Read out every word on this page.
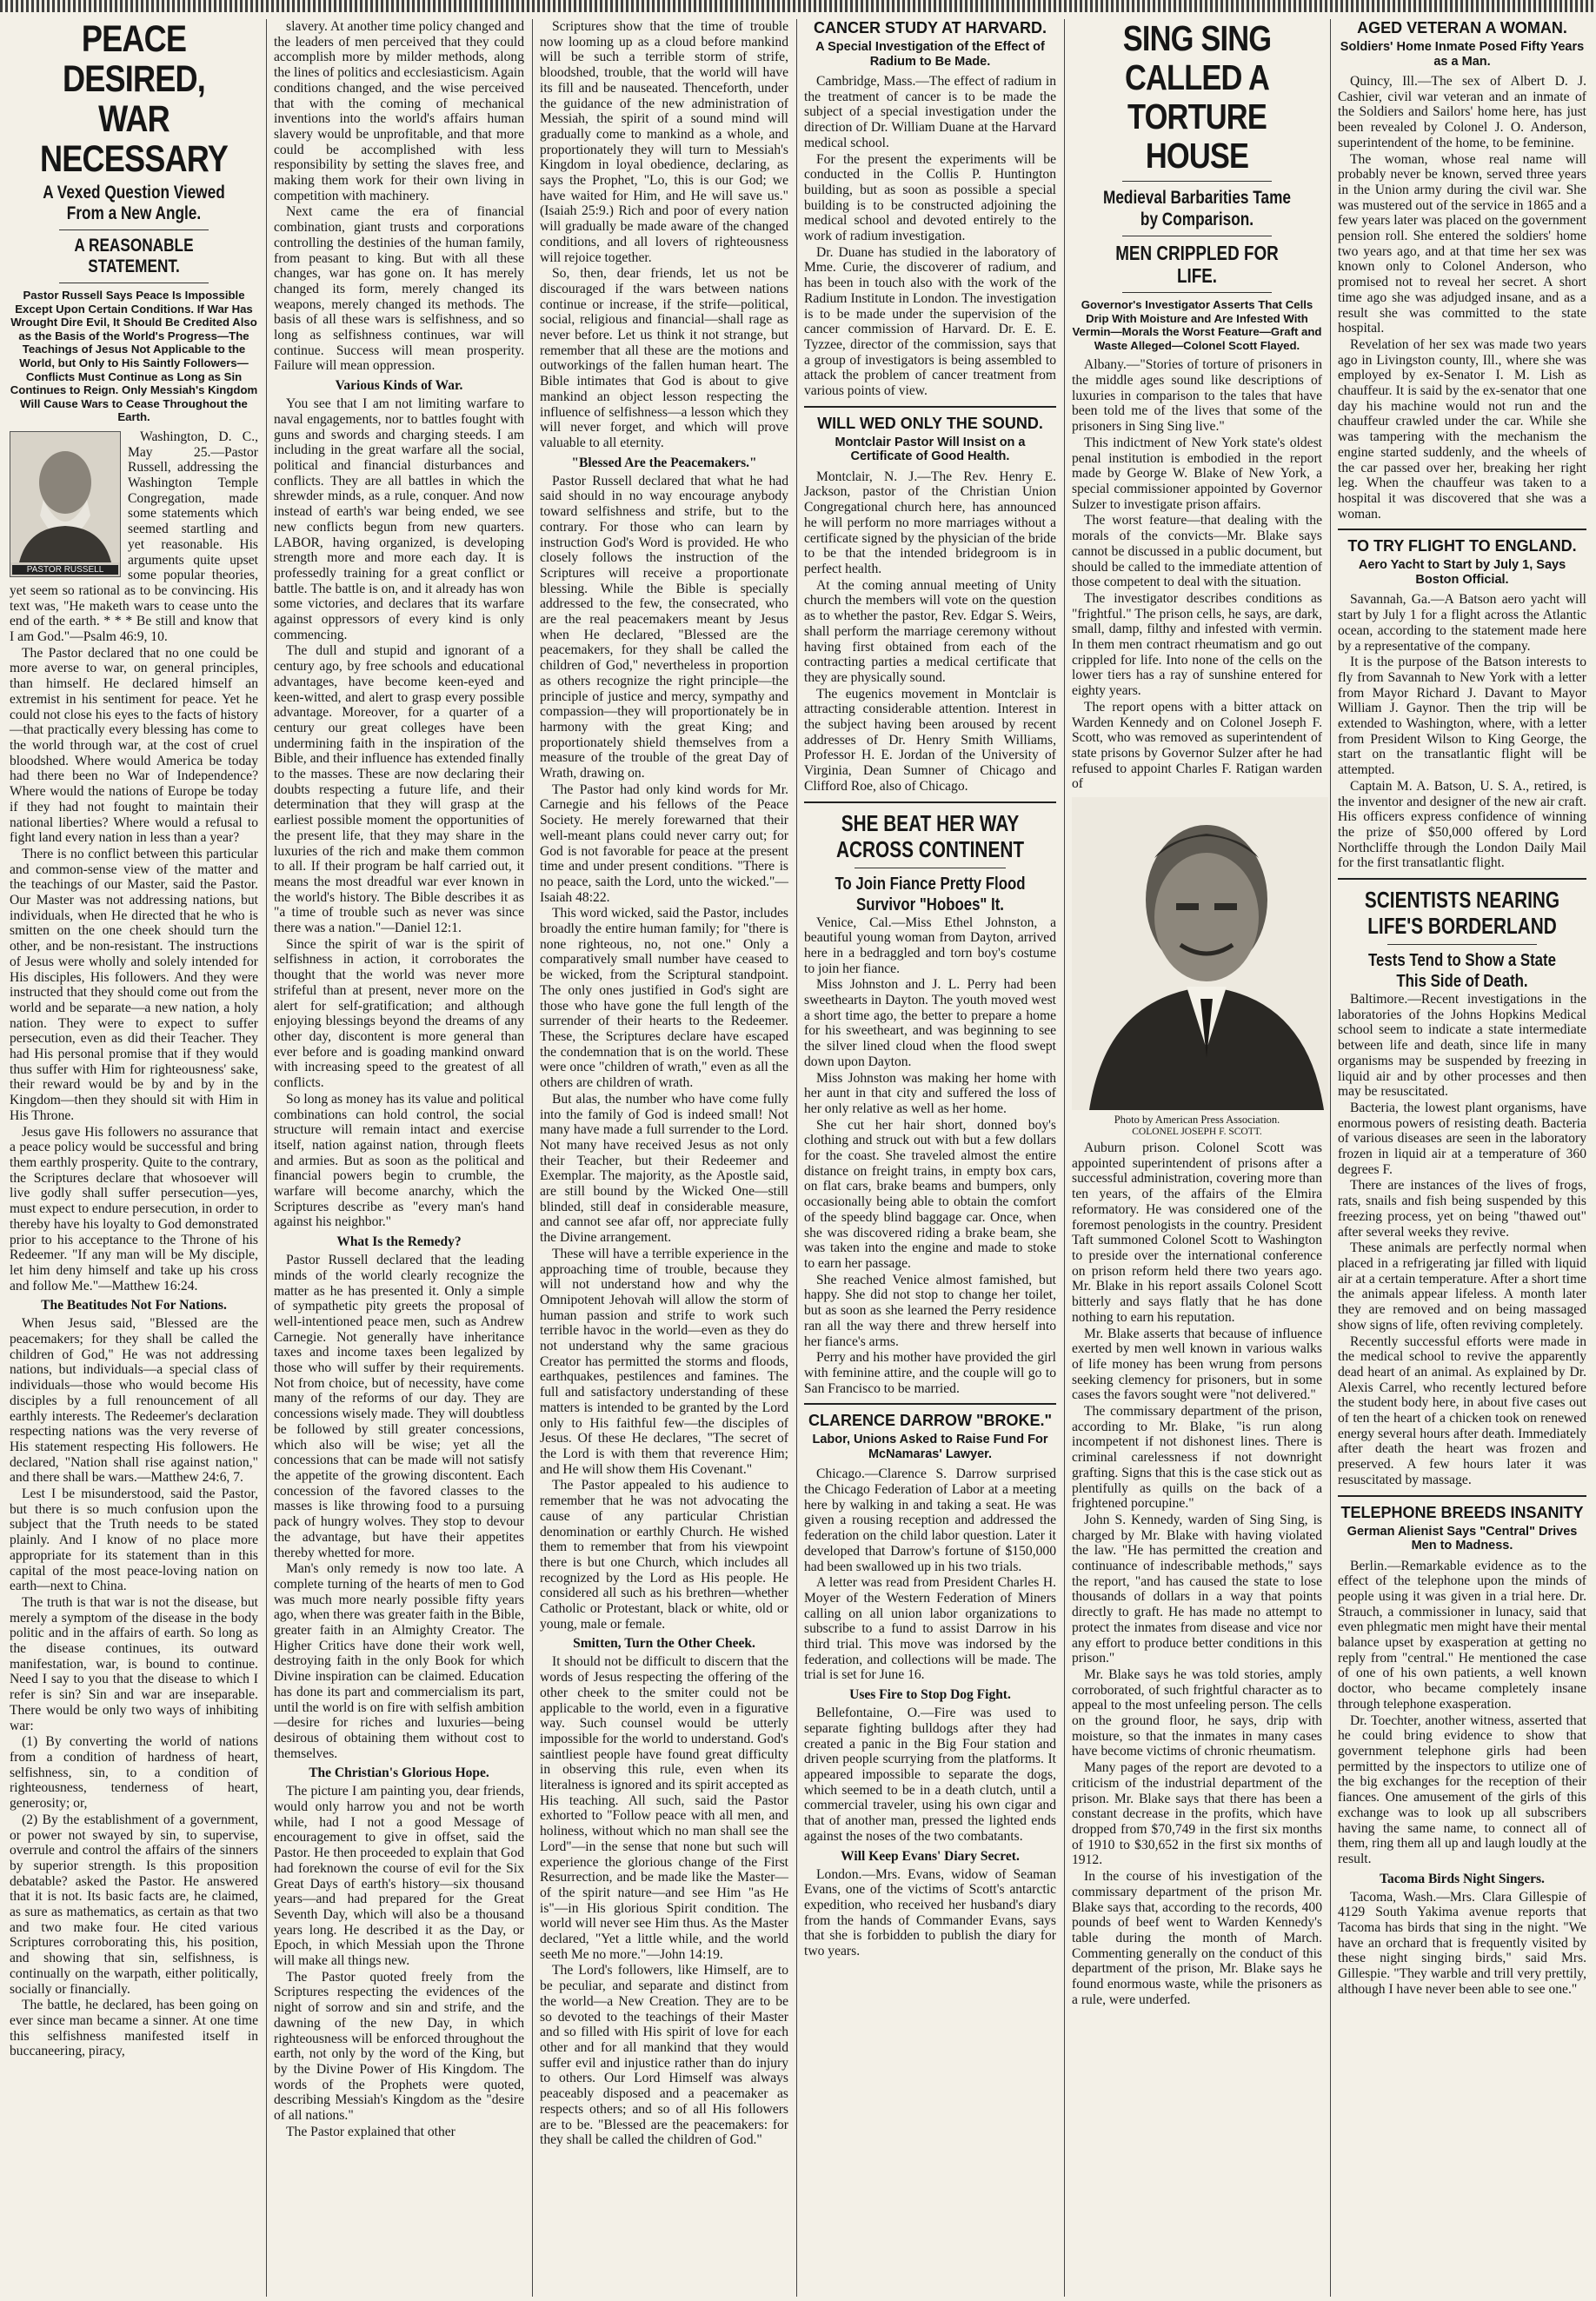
PEACE DESIRED, WAR NECESSARY
A Vexed Question Viewed From a New Angle.
A REASONABLE STATEMENT.
Pastor Russell Says Peace Is Impossible Except Upon Certain Conditions. If War Has Wrought Dire Evil, It Should Be Credited Also as the Basis of the World's Progress—The Teachings of Jesus Not Applicable to the World, but Only to His Saintly Followers—Conflicts Must Continue as Long as Sin Continues to Reign. Only Messiah's Kingdom Will Cause Wars to Cease Throughout the Earth.
PASTOR RUSSELL

Washington, D. C., May 25.—Pastor Russell, addressing the Washington Temple Congregation, made some statements which seemed startling and yet reasonable. His arguments quite upset some popular theories, yet seem so rational as to be convincing. His text was, "He maketh wars to cease unto the end of the earth. * * * Be still and know that I am God."—Psalm 46:9, 10.

The Pastor declared that no one could be more averse to war, on general principles, than himself. He declared himself an extremist in his sentiment for peace. Yet he could not close his eyes to the facts of history—that practically every blessing has come to the world through war, at the cost of cruel bloodshed. Where would America be today had there been no War of Independence? Where would the nations of Europe be today if they had not fought to maintain their national liberties? Where would a refusal to fight land every nation in less than a year?

There is no conflict between this particular and common-sense view of the matter and the teachings of our Master, said the Pastor. Our Master was not addressing nations, but individuals, when He directed that he who is smitten on the one cheek should turn the other, and be non-resistant. The instructions of Jesus were wholly and solely intended for His disciples, His followers. And they were instructed that they should come out from the world and be separate—a new nation, a holy nation. They were to expect to suffer persecution, even as did their Teacher. They had His personal promise that if they would thus suffer with Him for righteousness' sake, their reward would be by and by in the Kingdom—then they should sit with Him in His Throne.

Jesus gave His followers no assurance that a peace policy would be successful and bring them earthly prosperity. Quite to the contrary, the Scriptures declare that whosoever will live godly shall suffer persecution—yes, must expect to endure persecution, in order to thereby have his loyalty to God demonstrated prior to his acceptance to the Throne of his Redeemer. "If any man will be My disciple, let him deny himself and take up his cross and follow Me."—Matthew 16:24.

The Beatitudes Not For Nations.

When Jesus said, "Blessed are the peacemakers; for they shall be called the children of God," He was not addressing nations, but individuals—a special class of individuals—those who would become His disciples by a full renouncement of all earthly interests. The Redeemer's declaration respecting nations was the very reverse of His statement respecting His followers. He declared, "Nation shall rise against nation," and there shall be wars.—Matthew 24:6, 7.

Lest I be misunderstood, said the Pastor, but there is so much confusion upon the subject that the Truth needs to be stated plainly. And I know of no place more appropriate for its statement than in this capital of the most peace-loving nation on earth—next to China.

The truth is that war is not the disease, but merely a symptom of the disease in the body politic and in the affairs of earth. So long as the disease continues, its outward manifestation, war, is bound to continue. Need I say to you that the disease to which I refer is sin? Sin and war are inseparable. There would be only two ways of inhibiting war:

(1) By converting the world of nations from a condition of hardness of heart, selfishness, sin, to a condition of righteousness, tenderness of heart, generosity; or,

(2) By the establishment of a government, or power not swayed by sin, to supervise, overrule and control the affairs of the sinners by superior strength. Is this proposition debatable? asked the Pastor. He answered that it is not. Its basic facts are, he claimed, as sure as mathematics, as certain as that two and two make four. He cited various Scriptures corroborating this, his position, and showing that sin, selfishness, is continually on the warpath, either politically, socially or financially.

The battle, he declared, has been going on ever since man became a sinner. At one time this selfishness manifested itself in buccaneering, piracy,

slavery. At another time policy changed and the leaders of men perceived that they could accomplish more by milder methods, along the lines of politics and ecclesiasticism. Again conditions changed, and the wise perceived that with the coming of mechanical inventions into the world's affairs human slavery would be unprofitable, and that more could be accomplished with less responsibility by setting the slaves free, and making them work for their own living in competition with machinery.

Next came the era of financial combination, giant trusts and corporations controlling the destinies of the human family, from peasant to king. But with all these changes, war has gone on. It has merely changed its form, merely changed its weapons, merely changed its methods. The basis of all these wars is selfishness, and so long as selfishness continues, war will continue. Success will mean prosperity. Failure will mean oppression.

Various Kinds of War.

You see that I am not limiting warfare to naval engagements, nor to battles fought with guns and swords and charging steeds. I am including in the great warfare all the social, political and financial disturbances and conflicts. They are all battles in which the shrewder minds, as a rule, conquer. And now instead of earth's war being ended, we see new conflicts begun from new quarters. LABOR, having organized, is developing strength more and more each day. It is professedly training for a great conflict or battle. The battle is on, and it already has won some victories, and declares that its warfare against oppressors of every kind is only commencing.

The dull and stupid and ignorant of a century ago, by free schools and educational advantages, have become keen-eyed and keen-witted, and alert to grasp every possible advantage. Moreover, for a quarter of a century our great colleges have been undermining faith in the inspiration of the Bible, and their influence has extended finally to the masses. These are now declaring their doubts respecting a future life, and their determination that they will grasp at the earliest possible moment the opportunities of the present life, that they may share in the luxuries of the rich and make them common to all. If their program be half carried out, it means the most dreadful war ever known in the world's history. The Bible describes it as "a time of trouble such as never was since there was a nation."—Daniel 12:1.

Since the spirit of war is the spirit of selfishness in action, it corroborates the thought that the world was never more strifeful than at present, never more on the alert for self-gratification; and although enjoying blessings beyond the dreams of any other day, discontent is more general than ever before and is goading mankind onward with increasing speed to the greatest of all conflicts.

So long as money has its value and political combinations can hold control, the social structure will remain intact and exercise itself, nation against nation, through fleets and armies. But as soon as the political and financial powers begin to crumble, the warfare will become anarchy, which the Scriptures describe as "every man's hand against his neighbor."

What Is the Remedy?

Pastor Russell declared that the leading minds of the world clearly recognize the matter as he has presented it. Only a simple of sympathetic pity greets the proposal of well-intentioned peace men, such as Andrew Carnegie. Not generally have inheritance taxes and income taxes been legalized by those who will suffer by their requirements. Not from choice, but of necessity, have come many of the reforms of our day. They are concessions wisely made. They will doubtless be followed by still greater concessions, which also will be wise; yet all the concessions that can be made will not satisfy the appetite of the growing discontent. Each concession of the favored classes to the masses is like throwing food to a pursuing pack of hungry wolves. They stop to devour the advantage, but have their appetites thereby whetted for more.

Man's only remedy is now too late. A complete turning of the hearts of men to God was much more nearly possible fifty years ago, when there was greater faith in the Bible, greater faith in an Almighty Creator. The Higher Critics have done their work well, destroying faith in the only Book for which Divine inspiration can be claimed. Education has done its part and commercialism its part, until the world is on fire with selfish ambition—desire for riches and luxuries—being desirous of obtaining them without cost to themselves.

The Christian's Glorious Hope.

The picture I am painting you, dear friends, would only harrow you and not be worth while, had I not a good Message of encouragement to give in offset, said the Pastor. He then proceeded to explain that God had foreknown the course of evil for the Six Great Days of earth's history—six thousand years—and had prepared for the Great Seventh Day, which will also be a thousand years long. He described it as the Day, or Epoch, in which Messiah upon the Throne will make all things new.

The Pastor quoted freely from the Scriptures respecting the evidences of the night of sorrow and sin and strife, and the dawning of the new Day, in which righteousness will be enforced throughout the earth, not only by the word of the King, but by the Divine Power of His Kingdom. The words of the Prophets were quoted, describing Messiah's Kingdom as the "desire of all nations."

The Pastor explained that other

Scriptures show that the time of trouble now looming up as a cloud before mankind will be such a terrible storm of strife, bloodshed, trouble, that the world will have its fill and be nauseated. Thenceforth, under the guidance of the new administration of Messiah, the spirit of a sound mind will gradually come to mankind as a whole, and proportionately they will turn to Messiah's Kingdom in loyal obedience, declaring, as says the Prophet, "Lo, this is our God; we have waited for Him, and He will save us." (Isaiah 25:9.) Rich and poor of every nation will gradually be made aware of the changed conditions, and all lovers of righteousness will rejoice together.

So, then, dear friends, let us not be discouraged if the wars between nations continue or increase, if the strife—political, social, religious and financial—shall rage as never before. Let us think it not strange, but remember that all these are the motions and outworkings of the fallen human heart. The Bible intimates that God is about to give mankind an object lesson respecting the influence of selfishness—a lesson which they will never forget, and which will prove valuable to all eternity.

"Blessed Are the Peacemakers."

Pastor Russell declared that what he had said should in no way encourage anybody toward selfishness and strife, but to the contrary. For those who can learn by instruction God's Word is provided. He who closely follows the instruction of the Scriptures will receive a proportionate blessing. While the Bible is specially addressed to the few, the consecrated, who are the real peacemakers meant by Jesus when He declared, "Blessed are the peacemakers, for they shall be called the children of God," nevertheless in proportion as others recognize the right principle—the principle of justice and mercy, sympathy and compassion—they will proportionately be in harmony with the great King; and proportionately shield themselves from a measure of the trouble of the great Day of Wrath, drawing on.

The Pastor had only kind words for Mr. Carnegie and his fellows of the Peace Society. He merely forewarned that their well-meant plans could never carry out; for God is not favorable for peace at the present time and under present conditions. "There is no peace, saith the Lord, unto the wicked."—Isaiah 48:22.

This word wicked, said the Pastor, includes broadly the entire human family; for "there is none righteous, no, not one." Only a comparatively small number have ceased to be wicked, from the Scriptural standpoint. The only ones justified in God's sight are those who have gone the full length of the surrender of their hearts to the Redeemer. These, the Scriptures declare have escaped the condemnation that is on the world. These were once "children of wrath," even as all the others are children of wrath.

But alas, the number who have come fully into the family of God is indeed small! Not many have made a full surrender to the Lord. Not many have received Jesus as not only their Teacher, but their Redeemer and Exemplar. The majority, as the Apostle said, are still bound by the Wicked One—still blinded, still deaf in considerable measure, and cannot see afar off, nor appreciate fully the Divine arrangement.

These will have a terrible experience in the approaching time of trouble, because they will not understand how and why the Omnipotent Jehovah will allow the storm of human passion and strife to work such terrible havoc in the world—even as they do not understand why the same gracious Creator has permitted the storms and floods, earthquakes, pestilences and famines. The full and satisfactory understanding of these matters is intended to be granted by the Lord only to His faithful few—the disciples of Jesus. Of these He declares, "The secret of the Lord is with them that reverence Him; and He will show them His Covenant."

The Pastor appealed to his audience to remember that he was not advocating the cause of any particular Christian denomination or earthly Church. He wished them to remember that from his viewpoint there is but one Church, which includes all recognized by the Lord as His people. He considered all such as his brethren—whether Catholic or Protestant, black or white, old or young, male or female.

Smitten, Turn the Other Cheek.

It should not be difficult to discern that the words of Jesus respecting the offering of the other cheek to the smiter could not be applicable to the world, even in a figurative way. Such counsel would be utterly impossible for the world to understand. God's saintliest people have found great difficulty in observing this rule, even when its literalness is ignored and its spirit accepted as His teaching. All such, said the Pastor exhorted to "Follow peace with all men, and holiness, without which no man shall see the Lord"—in the sense that none but such will experience the glorious change of the First Resurrection, and be made like the Master—of the spirit nature—and see Him "as He is"—in His glorious Spirit condition. The world will never see Him thus. As the Master declared, "Yet a little while, and the world seeth Me no more."—John 14:19.

The Lord's followers, like Himself, are to be peculiar, and separate and distinct from the world—a New Creation. They are to be so devoted to the teachings of their Master and so filled with His spirit of love for each other and for all mankind that they would suffer evil and injustice rather than do injury to others. Our Lord Himself was always peaceably disposed and a peacemaker as respects others; and so of all His followers are to be. "Blessed are the peacemakers: for they shall be called the children of God."

CANCER STUDY AT HARVARD.
A Special Investigation of the Effect of Radium to Be Made.

Cambridge, Mass.—The effect of radium in the treatment of cancer is to be made the subject of a special investigation under the direction of Dr. William Duane at the Harvard medical school.

For the present the experiments will be conducted in the Collis P. Huntington building, but as soon as possible a special building is to be constructed adjoining the medical school and devoted entirely to the work of radium investigation.

Dr. Duane has studied in the laboratory of Mme. Curie, the discoverer of radium, and has been in touch also with the work of the Radium Institute in London. The investigation is to be made under the supervision of the cancer commission of Harvard. Dr. E. E. Tyzzee, director of the commission, says that a group of investigators is being assembled to attack the problem of cancer treatment from various points of view.

WILL WED ONLY THE SOUND.
Montclair Pastor Will Insist on a Certificate of Good Health.

Montclair, N. J.—The Rev. Henry E. Jackson, pastor of the Christian Union Congregational church here, has announced he will perform no more marriages without a certificate signed by the physician of the bride to be that the intended bridegroom is in perfect health.

At the coming annual meeting of Unity church the members will vote on the question as to whether the pastor, Rev. Edgar S. Weirs, shall perform the marriage ceremony without having first obtained from each of the contracting parties a medical certificate that they are physically sound.

The eugenics movement in Montclair is attracting considerable attention. Interest in the subject having been aroused by recent addresses of Dr. Henry Smith Williams, Professor H. E. Jordan of the University of Virginia, Dean Sumner of Chicago and Clifford Roe, also of Chicago.

SHE BEAT HER WAY ACROSS CONTINENT
To Join Fiance Pretty Flood Survivor "Hoboes" It.

Venice, Cal.—Miss Ethel Johnston, a beautiful young woman from Dayton, arrived here in a bedraggled and torn boy's costume to join her fiance.

Miss Johnston and J. L. Perry had been sweethearts in Dayton. The youth moved west a short time ago, the better to prepare a home for his sweetheart, and was beginning to see the silver lined cloud when the flood swept down upon Dayton.

Miss Johnston was making her home with her aunt in that city and suffered the loss of her only relative as well as her home.

She cut her hair short, donned boy's clothing and struck out with but a few dollars for the coast. She traveled almost the entire distance on freight trains, in empty box cars, on flat cars, brake beams and bumpers, only occasionally being able to obtain the comfort of the speedy blind baggage car. Once, when she was discovered riding a brake beam, she was taken into the engine and made to stoke to earn her passage.

She reached Venice almost famished, but happy. She did not stop to change her toilet, but as soon as she learned the Perry residence ran all the way there and threw herself into her fiance's arms.

Perry and his mother have provided the girl with feminine attire, and the couple will go to San Francisco to be married.

CLARENCE DARROW "BROKE."
Labor, Unions Asked to Raise Fund For McNamaras' Lawyer.

Chicago.—Clarence S. Darrow surprised the Chicago Federation of Labor at a meeting here by walking in and taking a seat. He was given a rousing reception and addressed the federation on the child labor question. Later it developed that Darrow's fortune of $150,000 had been swallowed up in his two trials.

A letter was read from President Charles H. Moyer of the Western Federation of Miners calling on all union labor organizations to subscribe to a fund to assist Darrow in his third trial. This move was indorsed by the federation, and collections will be made. The trial is set for June 16.

Uses Fire to Stop Dog Fight.

Bellefontaine, O.—Fire was used to separate fighting bulldogs after they had created a panic in the Big Four station and driven people scurrying from the platforms. It appeared impossible to separate the dogs, which seemed to be in a death clutch, until a commercial traveler, using his own cigar and that of another man, pressed the lighted ends against the noses of the two combatants.

Will Keep Evans' Diary Secret.

London.—Mrs. Evans, widow of Seaman Evans, one of the victims of Scott's antarctic expedition, who received her husband's diary from the hands of Commander Evans, says that she is forbidden to publish the diary for two years.

SING SING CALLED A TORTURE HOUSE
Medieval Barbarities Tame by Comparison.
MEN CRIPPLED FOR LIFE.
Governor's Investigator Asserts That Cells Drip With Moisture and Are Infested With Vermin—Morals the Worst Feature—Graft and Waste Alleged—Colonel Scott Flayed.

Albany.—"Stories of torture of prisoners in the middle ages sound like descriptions of luxuries in comparison to the tales that have been told me of the lives that some of the prisoners in Sing Sing live."

This indictment of New York state's oldest penal institution is embodied in the report made by George W. Blake of New York, a special commissioner appointed by Governor Sulzer to investigate prison affairs.

The worst feature—that dealing with the morals of the convicts—Mr. Blake says cannot be discussed in a public document, but should be called to the immediate attention of those competent to deal with the situation.

The investigator describes conditions as "frightful." The prison cells, he says, are dark, small, damp, filthy and infested with vermin. In them men contract rheumatism and go out crippled for life. Into none of the cells on the lower tiers has a ray of sunshine entered for eighty years.

The report opens with a bitter attack on Warden Kennedy and on Colonel Joseph F. Scott, who was removed as superintendent of state prisons by Governor Sulzer after he had refused to appoint Charles F. Ratigan warden of

Photo by American Press Association.
COLONEL JOSEPH F. SCOTT.

Auburn prison. Colonel Scott was appointed superintendent of prisons after a successful administration, covering more than ten years, of the affairs of the Elmira reformatory. He was considered one of the foremost penologists in the country. President Taft summoned Colonel Scott to Washington to preside over the international conference on prison reform held there two years ago. Mr. Blake in his report assails Colonel Scott bitterly and says flatly that he has done nothing to earn his reputation.

Mr. Blake asserts that because of influence exerted by men well known in various walks of life money has been wrung from persons seeking clemency for prisoners, but in some cases the favors sought were "not delivered."

The commissary department of the prison, according to Mr. Blake, "is run along incompetent if not dishonest lines. There is criminal carelessness if not downright grafting. Signs that this is the case stick out as plentifully as quills on the back of a frightened porcupine."

John S. Kennedy, warden of Sing Sing, is charged by Mr. Blake with having violated the law. "He has permitted the creation and continuance of indescribable methods," says the report, "and has caused the state to lose thousands of dollars in a way that points directly to graft. He has made no attempt to protect the inmates from disease and vice nor any effort to produce better conditions in this prison."

Mr. Blake says he was told stories, amply corroborated, of such frightful character as to appeal to the most unfeeling person. The cells on the ground floor, he says, drip with moisture, so that the inmates in many cases have become victims of chronic rheumatism.

Many pages of the report are devoted to a criticism of the industrial department of the prison. Mr. Blake says that there has been a constant decrease in the profits, which have dropped from $70,749 in the first six months of 1910 to $30,652 in the first six months of 1912.

In the course of his investigation of the commissary department of the prison Mr. Blake says that, according to the records, 400 pounds of beef went to Warden Kennedy's table during the month of March. Commenting generally on the conduct of this department of the prison, Mr. Blake says he found enormous waste, while the prisoners as a rule, were underfed.

AGED VETERAN A WOMAN.
Soldiers' Home Inmate Posed Fifty Years as a Man.

Quincy, Ill.—The sex of Albert D. J. Cashier, civil war veteran and an inmate of the Soldiers and Sailors' home here, has just been revealed by Colonel J. O. Anderson, superintendent of the home, to be feminine.

The woman, whose real name will probably never be known, served three years in the Union army during the civil war. She was mustered out of the service in 1865 and a few years later was placed on the government pension roll. She entered the soldiers' home two years ago, and at that time her sex was known only to Colonel Anderson, who promised not to reveal her secret. A short time ago she was adjudged insane, and as a result she was committed to the state hospital.

Revelation of her sex was made two years ago in Livingston county, Ill., where she was employed by ex-Senator I. M. Lish as chauffeur. It is said by the ex-senator that one day his machine would not run and the chauffeur crawled under the car. While she was tampering with the mechanism the engine started suddenly, and the wheels of the car passed over her, breaking her right leg. When the chauffeur was taken to a hospital it was discovered that she was a woman.

TO TRY FLIGHT TO ENGLAND.
Aero Yacht to Start by July 1, Says Boston Official.

Savannah, Ga.—A Batson aero yacht will start by July 1 for a flight across the Atlantic ocean, according to the statement made here by a representative of the company.

It is the purpose of the Batson interests to fly from Savannah to New York with a letter from Mayor Richard J. Davant to Mayor William J. Gaynor. Then the trip will be extended to Washington, where, with a letter from President Wilson to King George, the start on the transatlantic flight will be attempted.

Captain M. A. Batson, U. S. A., retired, is the inventor and designer of the new air craft. His officers express confidence of winning the prize of $50,000 offered by Lord Northcliffe through the London Daily Mail for the first transatlantic flight.

SCIENTISTS NEARING LIFE'S BORDERLAND
Tests Tend to Show a State This Side of Death.

Baltimore.—Recent investigations in the laboratories of the Johns Hopkins Medical school seem to indicate a state intermediate between life and death, since life in many organisms may be suspended by freezing in liquid air and by other processes and then may be resuscitated.

Bacteria, the lowest plant organisms, have enormous powers of resisting death. Bacteria of various diseases are seen in the laboratory frozen in liquid air at a temperature of 360 degrees F.

There are instances of the lives of frogs, rats, snails and fish being suspended by this freezing process, yet on being "thawed out" after several weeks they revive.

These animals are perfectly normal when placed in a refrigerating jar filled with liquid air at a certain temperature. After a short time the animals appear lifeless. A month later they are removed and on being massaged show signs of life, often reviving completely.

Recently successful efforts were made in the medical school to revive the apparently dead heart of an animal. As explained by Dr. Alexis Carrel, who recently lectured before the student body here, in about five cases out of ten the heart of a chicken took on renewed energy several hours after death. Immediately after death the heart was frozen and preserved. A few hours later it was resuscitated by massage.

TELEPHONE BREEDS INSANITY
German Alienist Says "Central" Drives Men to Madness.

Berlin.—Remarkable evidence as to the effect of the telephone upon the minds of people using it was given in a trial here. Dr. Strauch, a commissioner in lunacy, said that even phlegmatic men might have their mental balance upset by exasperation at getting no reply from "central." He mentioned the case of one of his own patients, a well known doctor, who became completely insane through telephone exasperation.

Dr. Toechter, another witness, asserted that he could bring evidence to show that government telephone girls had been permitted by the inspectors to utilize one of the big exchanges for the reception of their fiances. One amusement of the girls of this exchange was to look up all subscribers having the same name, to connect all of them, ring them all up and laugh loudly at the result.

Tacoma Birds Night Singers.

Tacoma, Wash.—Mrs. Clara Gillespie of 4129 South Yakima avenue reports that Tacoma has birds that sing in the night. "We have an orchard that is frequently visited by these night singing birds," said Mrs. Gillespie. "They warble and trill very prettily, although I have never been able to see one."
